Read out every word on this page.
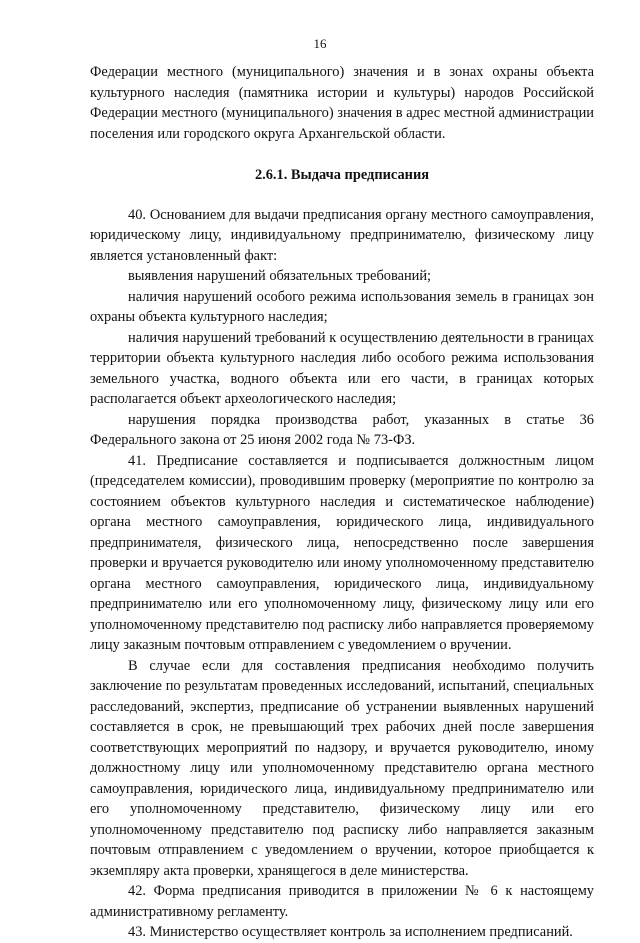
16

Федерации местного (муниципального) значения и в зонах охраны объекта культурного наследия (памятника истории и культуры) народов Российской Федерации местного (муниципального) значения в адрес местной администрации поселения или городского округа Архангельской области.

2.6.1. Выдача предписания

40. Основанием для выдачи предписания органу местного самоуправления, юридическому лицу, индивидуальному предпринимателю, физическому лицу является установленный факт:

выявления нарушений обязательных требований;

наличия нарушений особого режима использования земель в границах зон охраны объекта культурного наследия;

наличия нарушений требований к осуществлению деятельности в границах территории объекта культурного наследия либо особого режима использования земельного участка, водного объекта или его части, в границах которых располагается объект археологического наследия;

нарушения порядка производства работ, указанных в статье 36 Федерального закона от 25 июня 2002 года № 73-ФЗ.

41. Предписание составляется и подписывается должностным лицом (председателем комиссии), проводившим проверку (мероприятие по контролю за состоянием объектов культурного наследия и систематическое наблюдение) органа местного самоуправления, юридического лица, индивидуального предпринимателя, физического лица, непосредственно после завершения проверки и вручается руководителю или иному уполномоченному представителю органа местного самоуправления, юридического лица, индивидуальному предпринимателю или его уполномоченному лицу, физическому лицу или его уполномоченному представителю под расписку либо направляется проверяемому лицу заказным почтовым отправлением с уведомлением о вручении.

В случае если для составления предписания необходимо получить заключение по результатам проведенных исследований, испытаний, специальных расследований, экспертиз, предписание об устранении выявленных нарушений составляется в срок, не превышающий трех рабочих дней после завершения соответствующих мероприятий по надзору, и вручается руководителю, иному должностному лицу или уполномоченному представителю органа местного самоуправления, юридического лица, индивидуальному предпринимателю или его уполномоченному представителю, физическому лицу или его уполномоченному представителю под расписку либо направляется заказным почтовым отправлением с уведомлением о вручении, которое приобщается к экземпляру акта проверки, хранящегося в деле министерства.

42. Форма предписания приводится в приложении № 6 к настоящему административному регламенту.

43. Министерство осуществляет контроль за исполнением предписаний.
